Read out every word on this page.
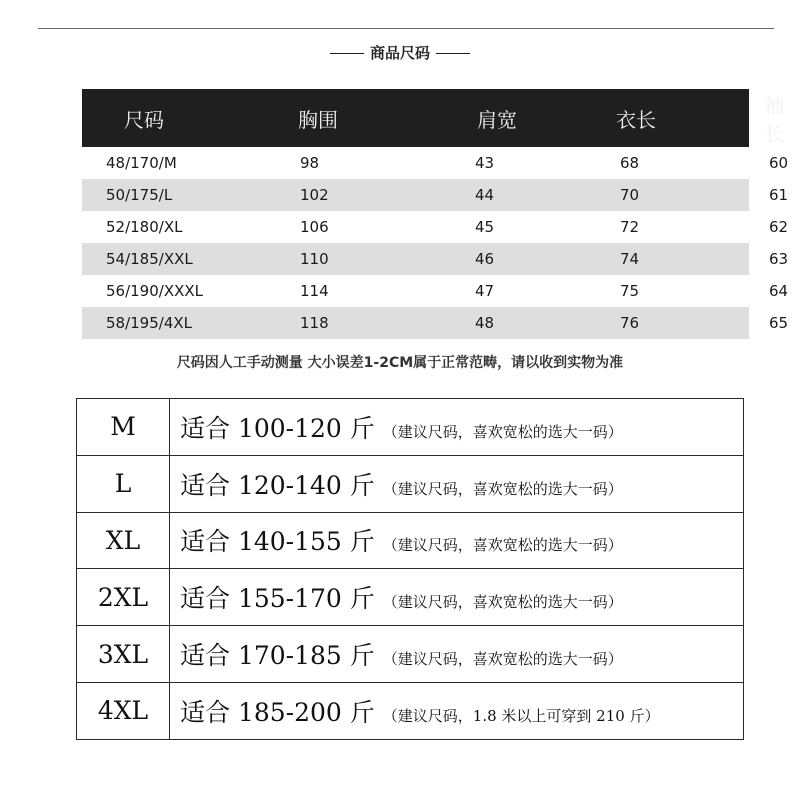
商品尺码
尺码	胸围	肩宽	衣长	袖长
48/170/M	98	43	68	60
50/175/L	102	44	70	61
52/180/XL	106	45	72	62
54/185/XXL	110	46	74	63
56/190/XXXL	114	47	75	64
58/195/4XL	118	48	76	65
尺码因人工手动测量 大小误差1-2CM属于正常范畴，请以收到实物为准
M	适合 100-120 斤 （建议尺码，喜欢宽松的选大一码）
L	适合 120-140 斤 （建议尺码，喜欢宽松的选大一码）
XL	适合 140-155 斤 （建议尺码，喜欢宽松的选大一码）
2XL	适合 155-170 斤 （建议尺码，喜欢宽松的选大一码）
3XL	适合 170-185 斤 （建议尺码，喜欢宽松的选大一码）
4XL	适合 185-200 斤 （建议尺码，1.8 米以上可穿到 210 斤）
